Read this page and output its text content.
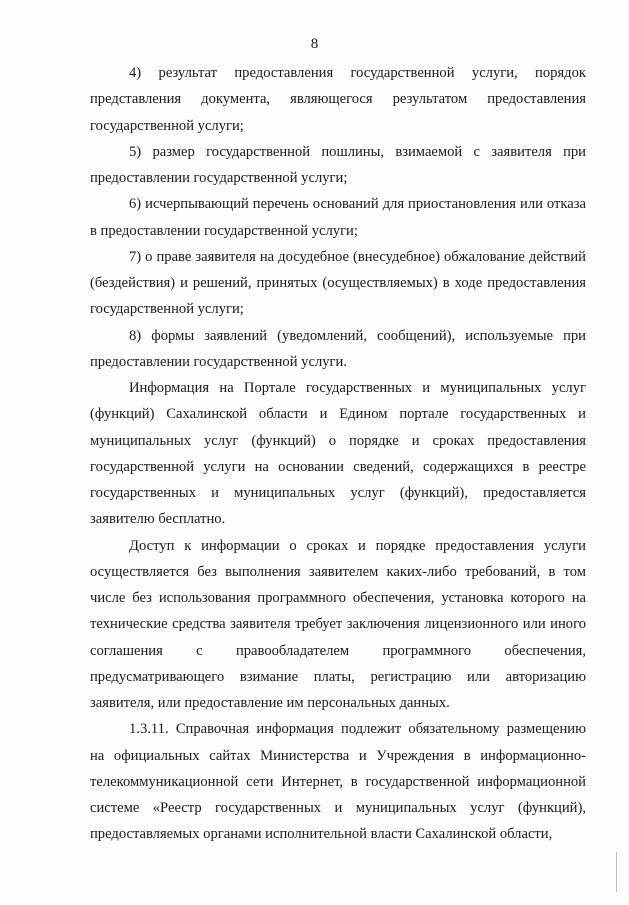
8

4) результат предоставления государственной услуги, порядок представления документа, являющегося результатом предоставления государственной услуги;

5) размер государственной пошлины, взимаемой с заявителя при предоставлении государственной услуги;

6) исчерпывающий перечень оснований для приостановления или отказа в предоставлении государственной услуги;

7) о праве заявителя на досудебное (внесудебное) обжалование действий (бездействия) и решений, принятых (осуществляемых) в ходе предоставления государственной услуги;

8) формы заявлений (уведомлений, сообщений), используемые при предоставлении государственной услуги.

Информация на Портале государственных и муниципальных услуг (функций) Сахалинской области и Едином портале государственных и муниципальных услуг (функций) о порядке и сроках предоставления государственной услуги на основании сведений, содержащихся в реестре государственных и муниципальных услуг (функций), предоставляется заявителю бесплатно.

Доступ к информации о сроках и порядке предоставления услуги осуществляется без выполнения заявителем каких-либо требований, в том числе без использования программного обеспечения, установка которого на технические средства заявителя требует заключения лицензионного или иного соглашения с правообладателем программного обеспечения, предусматривающего взимание платы, регистрацию или авторизацию заявителя, или предоставление им персональных данных.

1.3.11. Справочная информация подлежит обязательному размещению на официальных сайтах Министерства и Учреждения в информационно-телекоммуникационной сети Интернет, в государственной информационной системе «Реестр государственных и муниципальных услуг (функций), предоставляемых органами исполнительной власти Сахалинской области,
